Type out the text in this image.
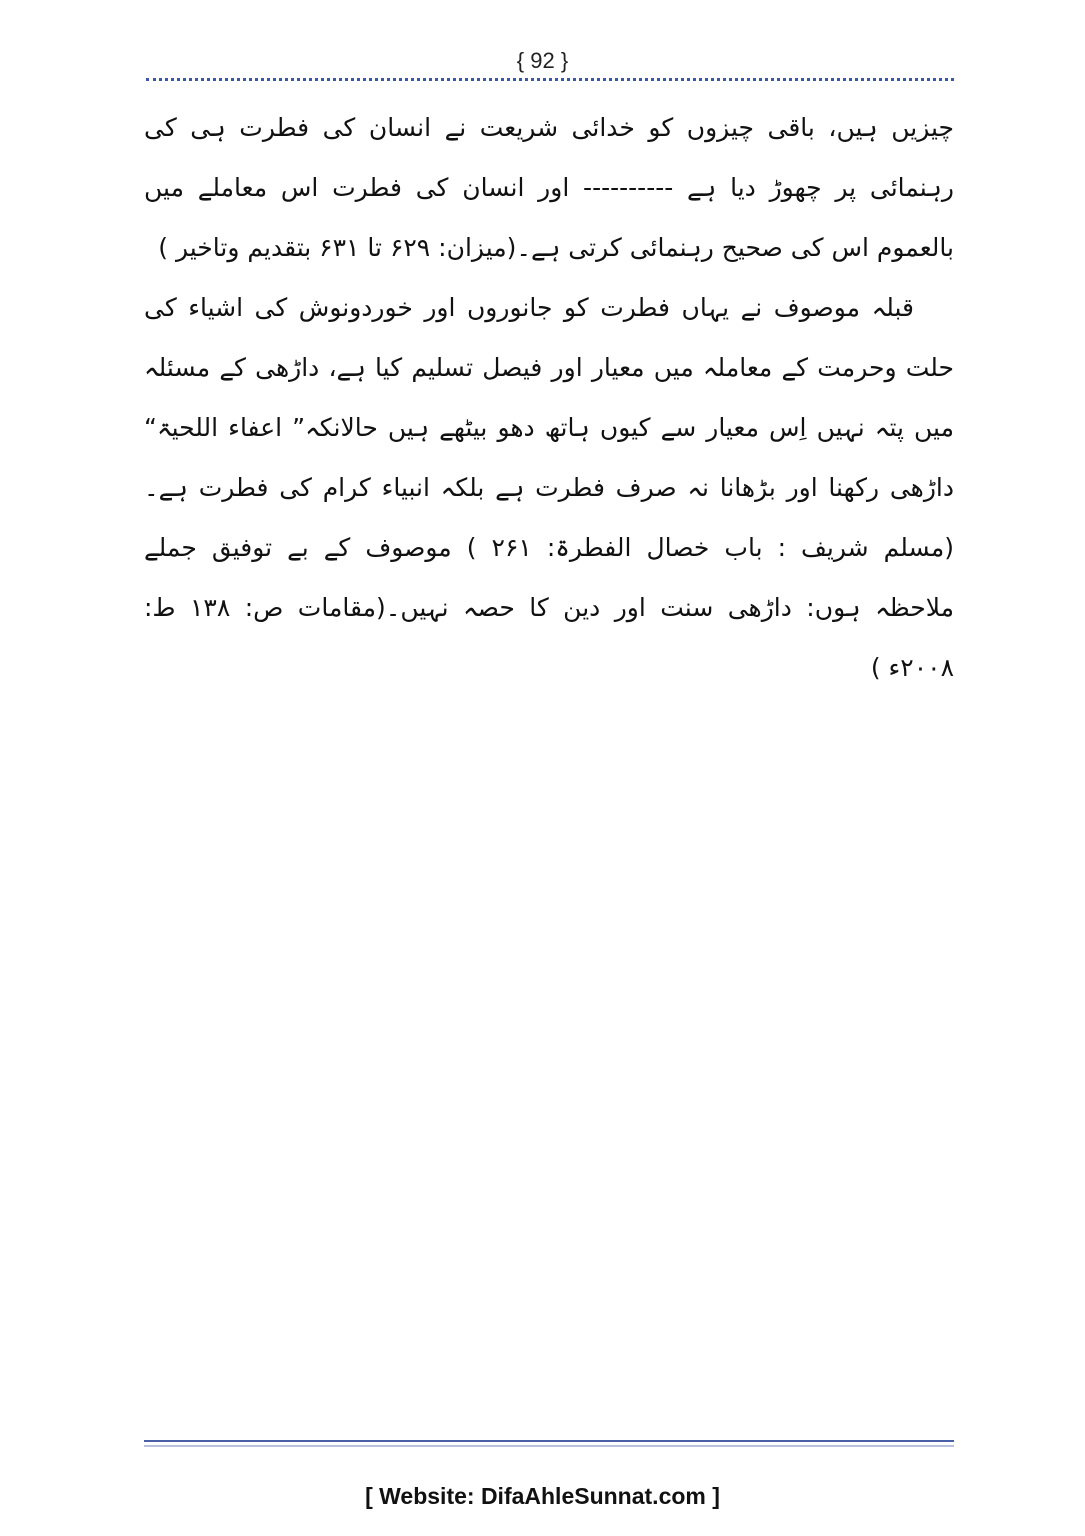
{ 92 }

چیزیں ہیں، باقی چیزوں کو خدائی شریعت نے انسان کی فطرت ہی کی رہنمائی پر چھوڑ دیا ہے ---------- اور انسان کی فطرت اس معاملے میں بالعموم اس کی صحیح رہنمائی کرتی ہے۔(میزان: ۶۲۹ تا ۶۳۱ بتقدیم وتاخیر )

قبلہ موصوف نے یہاں فطرت کو جانوروں اور خوردونوش کی اشیاء کی حلت وحرمت کے معاملہ میں معیار اور فیصل تسلیم کیا ہے، داڑھی کے مسئلہ میں پتہ نہیں اِس معیار سے کیوں ہاتھ دھو بیٹھے ہیں حالانکہ” اعفاء اللحیۃ“ داڑھی رکھنا اور بڑھانا نہ صرف فطرت ہے بلکہ انبیاء کرام کی فطرت ہے۔(مسلم شریف : باب خصال الفطرۃ: ۲۶۱ ) موصوف کے بے توفیق جملے ملاحظہ ہوں: داڑھی سنت اور دین کا حصہ نہیں۔(مقامات ص: ۱۳۸ ط: ۲۰۰۸ء )

[ Website: DifaAhleSunnat.com ]
